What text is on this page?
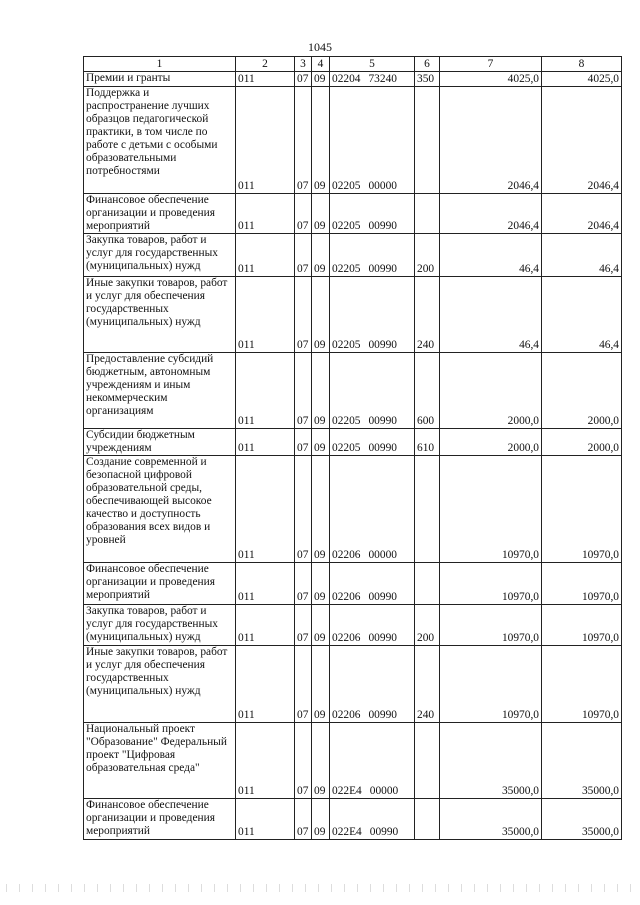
1045
1	2	3	4	5	6	7	8
Премии и гранты	011	07	09	02204 73240	350	4025,0	4025,0
Поддержка и распространение лучших образцов педагогической практики, в том числе по работе с детьми с особыми образовательными потребностями	011	07	09	02205 00000		2046,4	2046,4
Финансовое обеспечение организации и проведения мероприятий	011	07	09	02205 00990		2046,4	2046,4
Закупка товаров, работ и услуг для государственных (муниципальных) нужд	011	07	09	02205 00990	200	46,4	46,4
Иные закупки товаров, работ и услуг для обеспечения государственных (муниципальных) нужд	011	07	09	02205 00990	240	46,4	46,4
Предоставление субсидий бюджетным, автономным учреждениям и иным некоммерческим организациям	011	07	09	02205 00990	600	2000,0	2000,0
Субсидии бюджетным учреждениям	011	07	09	02205 00990	610	2000,0	2000,0
Создание современной и безопасной цифровой образовательной среды, обеспечивающей высокое качество и доступность образования всех видов и уровней	011	07	09	02206 00000		10970,0	10970,0
Финансовое обеспечение организации и проведения мероприятий	011	07	09	02206 00990		10970,0	10970,0
Закупка товаров, работ и услуг для государственных (муниципальных) нужд	011	07	09	02206 00990	200	10970,0	10970,0
Иные закупки товаров, работ и услуг для обеспечения государственных (муниципальных) нужд	011	07	09	02206 00990	240	10970,0	10970,0
Национальный проект "Образование" Федеральный проект "Цифровая образовательная среда"	011	07	09	022E4 00000		35000,0	35000,0
Финансовое обеспечение организации и проведения мероприятий	011	07	09	022E4 00990		35000,0	35000,0
